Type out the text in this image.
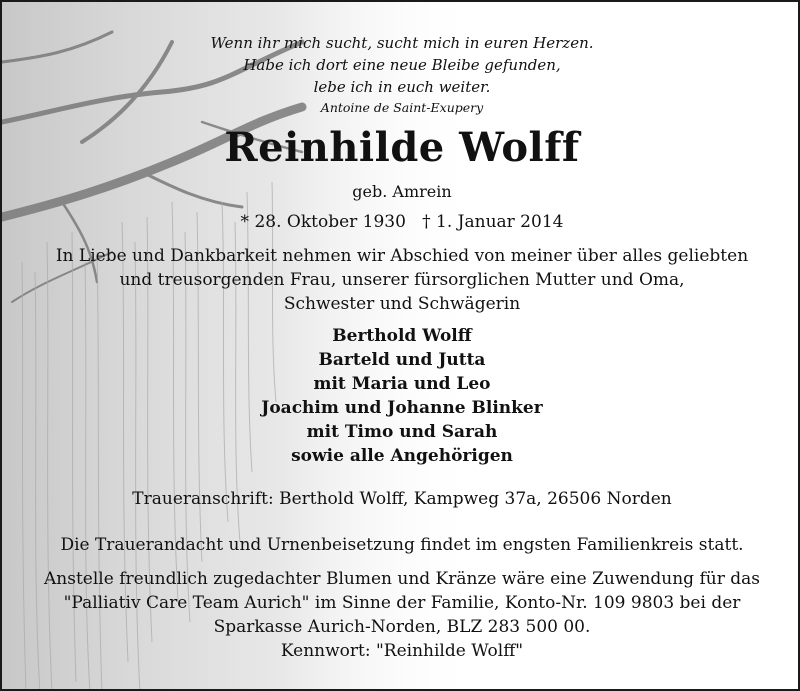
Wenn ihr mich sucht, sucht mich in euren Herzen.
Habe ich dort eine neue Bleibe gefunden,
lebe ich in euch weiter.
Antoine de Saint-Exupery
Reinhilde Wolff
geb. Amrein
* 28. Oktober 1930   † 1. Januar 2014
In Liebe und Dankbarkeit nehmen wir Abschied von meiner über alles geliebten
und treusorgenden Frau, unserer fürsorglichen Mutter und Oma,
Schwester und Schwägerin
Berthold Wolff
Barteld und Jutta
mit Maria und Leo
Joachim und Johanne Blinker
mit Timo und Sarah
sowie alle Angehörigen
Traueranschrift: Berthold Wolff, Kampweg 37a, 26506 Norden
Die Trauerandacht und Urnenbeisetzung findet im engsten Familienkreis statt.
Anstelle freundlich zugedachter Blumen und Kränze wäre eine Zuwendung für das
"Palliativ Care Team Aurich" im Sinne der Familie, Konto-Nr. 109 9803 bei der
Sparkasse Aurich-Norden, BLZ 283 500 00.
Kennwort: "Reinhilde Wolff"
